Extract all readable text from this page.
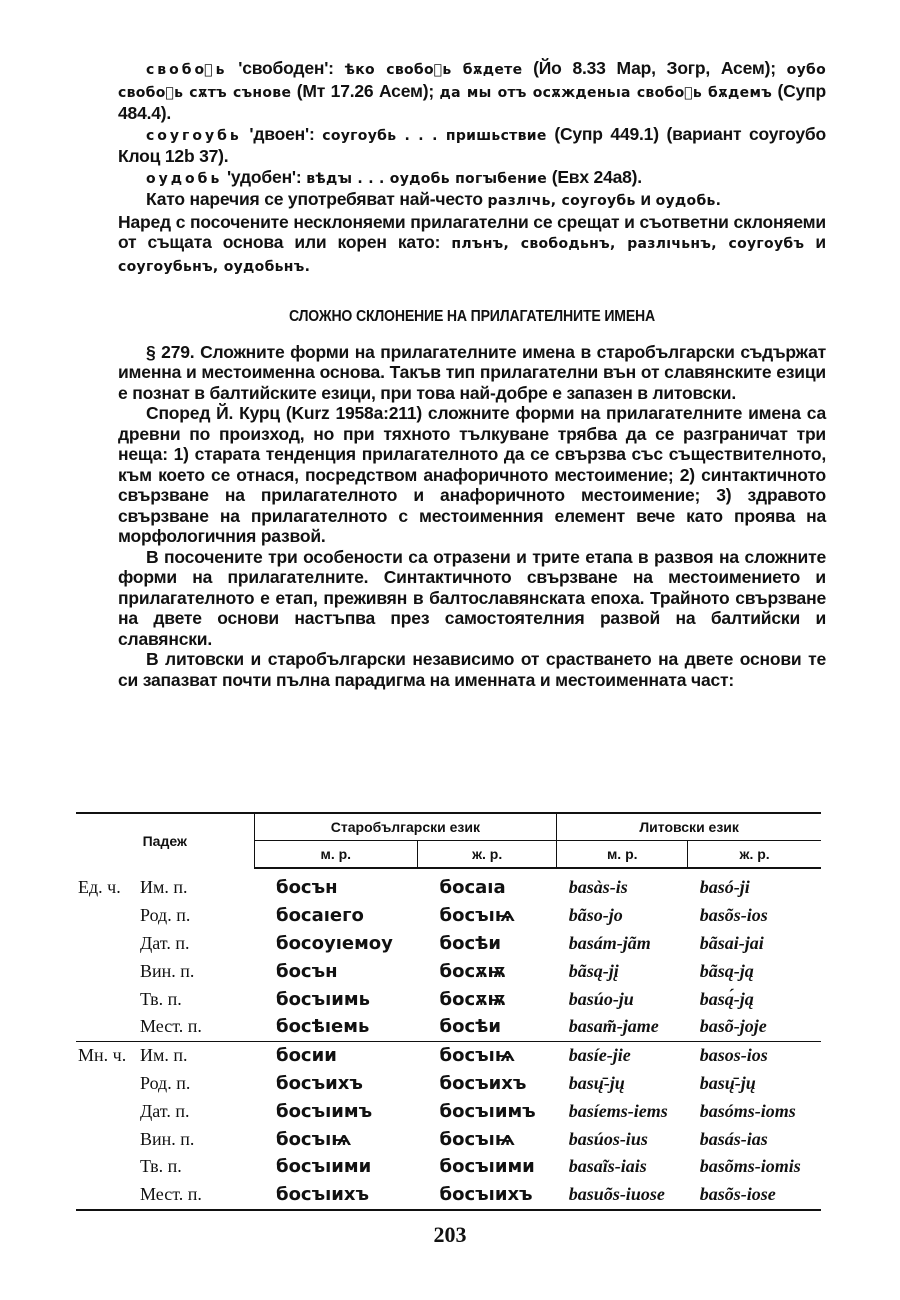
свобоⷣь 'свободен': ѣко свобоⷣь бѫдете (Йо 8.33 Мар, Зогр, Асем); оубо свобоⷣь сѫтъ сънове (Мт 17.26 Асем); да мы отъ осѫжденьıа свобоⷣь бѫдемъ (Супр 484.4).

соугоубь 'двоен': соугоубь . . . пришьствие (Супр 449.1) (вариант соугоубо Клоц 12b 37).

оудобь 'удобен': вѣдꙑ . . . оудобь погꙑбение (Евх 24a8).

Като наречия се употребяват най-често разлıчь, соугоубь и оудобь.

Наред с посочените несклоняеми прилагателни се срещат и съответни склоняеми от същата основа или корен като: плънъ, свободьнъ, разлıчьнъ, соугоубъ и соугоубьнъ, оудобьнъ.

СЛОЖНО СКЛОНЕНИЕ НА ПРИЛАГАТЕЛНИТЕ ИМЕНА

§ 279. Сложните форми на прилагателните имена в старобългарски съдържат именна и местоименна основа. Такъв тип прилагателни вън от славянските езици е познат в балтийските езици, при това най-добре е запазен в литовски.

Според Й. Курц (Kurz 1958a:211) сложните форми на прилагателните имена са древни по произход, но при тяхното тълкуване трябва да се разграничат три неща: 1) старата тенденция прилагателното да се свързва със съществителното, към което се отнася, посредством анафоричното местоимение; 2) синтактичното свързване на прилагателното и анафоричното местоимение; 3) здравото свързване на прилагателното с местоименния елемент вече като проява на морфологичния развой.

В посочените три особености са отразени и трите етапа в развоя на сложните форми на прилагателните. Синтактичното свързване на местоимението и прилагателното е етап, преживян в балтославянската епоха. Трайното свързване на двете основи настъпва през самостоятелния развой на балтийски и славянски.

В литовски и старобългарски независимо от срастването на двете основи те си запазват почти пълна парадигма на именната и местоименната част:

Падеж		Старобългарски език		Литовски език	
		м. р.	ж. р.	м. р.	ж. р.

Ед. ч.	Им. п.	босън	босаıа	basàs-is	basó-ji
	Род. п.	босаıего	босъıѩ	bãso-jo	basõs-ios
	Дат. п.	босоуıемоу	босѣи	basám-jãm	bãsai-jai
	Вин. п.	босън	босѫѭ	bãsą-jį	bãsą-ją
	Тв. п.	босъıимь	босѫѭ	basúo-ju	basą́-ją
	Мест. п.	босѣıемь	босѣи	basam̃-jame	basõ-joje
Мн. ч.	Им. п.	босии	босъıѩ	basíe-jie	basos-ios
	Род. п.	босъихъ	босъихъ	basų̄-jų	basų̄-jų
	Дат. п.	босъıимъ	босъıимъ	basíems-iems	basóms-ioms
	Вин. п.	босъıѩ	босъıѩ	basúos-ius	basás-ias
	Тв. п.	босъıими	босъıими	basaĩs-iais	basõms-iomis
	Мест. п.	босъıихъ	босъıихъ	basuõs-iuose	basõs-iose
203
